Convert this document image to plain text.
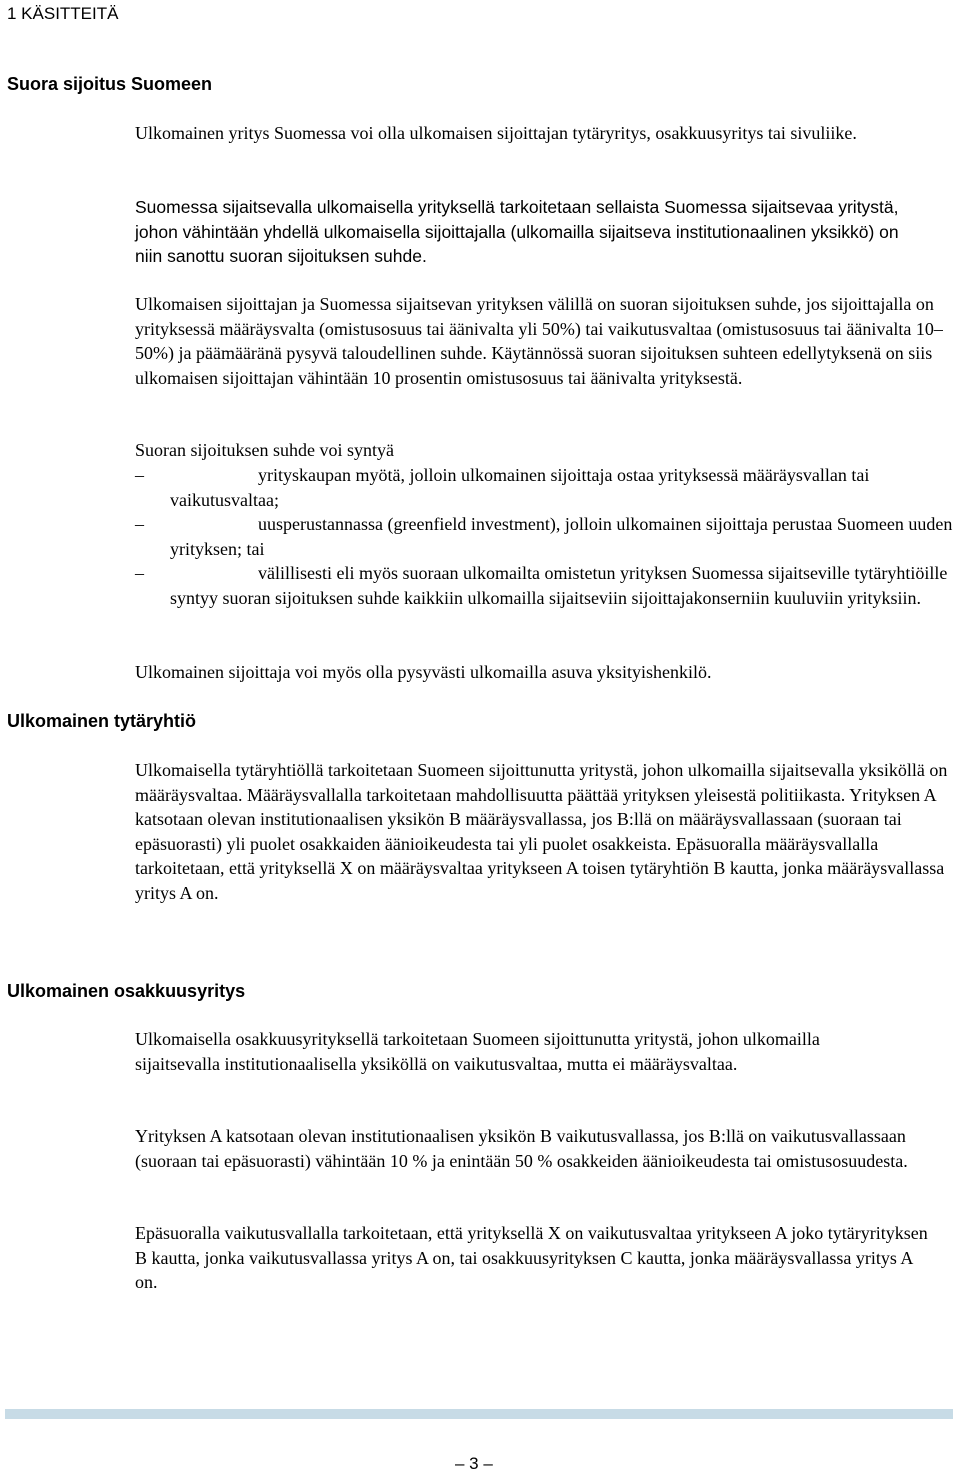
1 KÄSITTEITÄ
Suora sijoitus Suomeen

Ulkomainen yritys Suomessa voi olla ulkomaisen sijoittajan tytäryritys, osakkuusyritys tai sivuliike.

Suomessa sijaitsevalla ulkomaisella yrityksellä tarkoitetaan sellaista Suomessa sijaitsevaa yritystä, johon vähintään yhdellä ulkomaisella sijoittajalla (ulkomailla sijaitseva institutionaalinen yksikkö) on niin sanottu suoran sijoituksen suhde.

Ulkomaisen sijoittajan ja Suomessa sijaitsevan yrityksen välillä on suoran sijoituksen suhde, jos sijoittajalla on yrityksessä määräysvalta (omistusosuus tai äänivalta yli 50%) tai vaikutusvaltaa (omistusosuus tai äänivalta 10–50%) ja päämääränä pysyvä taloudellinen suhde. Käytännössä suoran sijoituksen suhteen edellytyksenä on siis ulkomaisen sijoittajan vähintään 10 prosentin omistusosuus tai äänivalta yrityksestä.

Suoran sijoituksen suhde voi syntyä

–	yrityskaupan myötä, jolloin ulkomainen sijoittaja ostaa yrityksessä määräysvallan tai vaikutusvaltaa;
–	uusperustannassa (greenfield investment), jolloin ulkomainen sijoittaja perustaa Suomeen uuden yrityksen; tai
–	välillisesti eli myös suoraan ulkomailta omistetun yrityksen Suomessa sijaitseville tytäryhtiöille syntyy suoran sijoituksen suhde kaikkiin ulkomailla sijaitseviin sijoittajakonserniin kuuluviin yrityksiin.

Ulkomainen sijoittaja voi myös olla pysyvästi ulkomailla asuva yksityishenkilö.

Ulkomainen tytäryhtiö

Ulkomaisella tytäryhtiöllä tarkoitetaan Suomeen sijoittunutta yritystä, johon ulkomailla sijaitsevalla yksiköllä on määräysvaltaa. Määräysvallalla tarkoitetaan mahdollisuutta päättää yrityksen yleisestä politiikasta. Yrityksen A katsotaan olevan institutionaalisen yksikön B määräysvallassa, jos B:llä on määräysvallassaan (suoraan tai epäsuorasti) yli puolet osakkaiden äänioikeudesta tai yli puolet osakkeista. Epäsuoralla määräysvallalla tarkoitetaan, että yrityksellä X on määräysvaltaa yritykseen A toisen tytäryhtiön B kautta, jonka määräysvallassa yritys A on.

Ulkomainen osakkuusyritys

Ulkomaisella osakkuusyrityksellä tarkoitetaan Suomeen sijoittunutta yritystä, johon ulkomailla sijaitsevalla institutionaalisella yksiköllä on vaikutusvaltaa, mutta ei määräysvaltaa.

Yrityksen A katsotaan olevan institutionaalisen yksikön B vaikutusvallassa, jos B:llä on vaikutusvallassaan (suoraan tai epäsuorasti) vähintään 10 % ja enintään 50 % osakkeiden äänioikeudesta tai omistusosuudesta.

Epäsuoralla vaikutusvallalla tarkoitetaan, että yrityksellä X on vaikutusvaltaa yritykseen A joko tytäryrityksen B kautta, jonka vaikutusvallassa yritys A on, tai osakkuusyrityksen C kautta, jonka määräysvallassa yritys A on.

– 3 –
